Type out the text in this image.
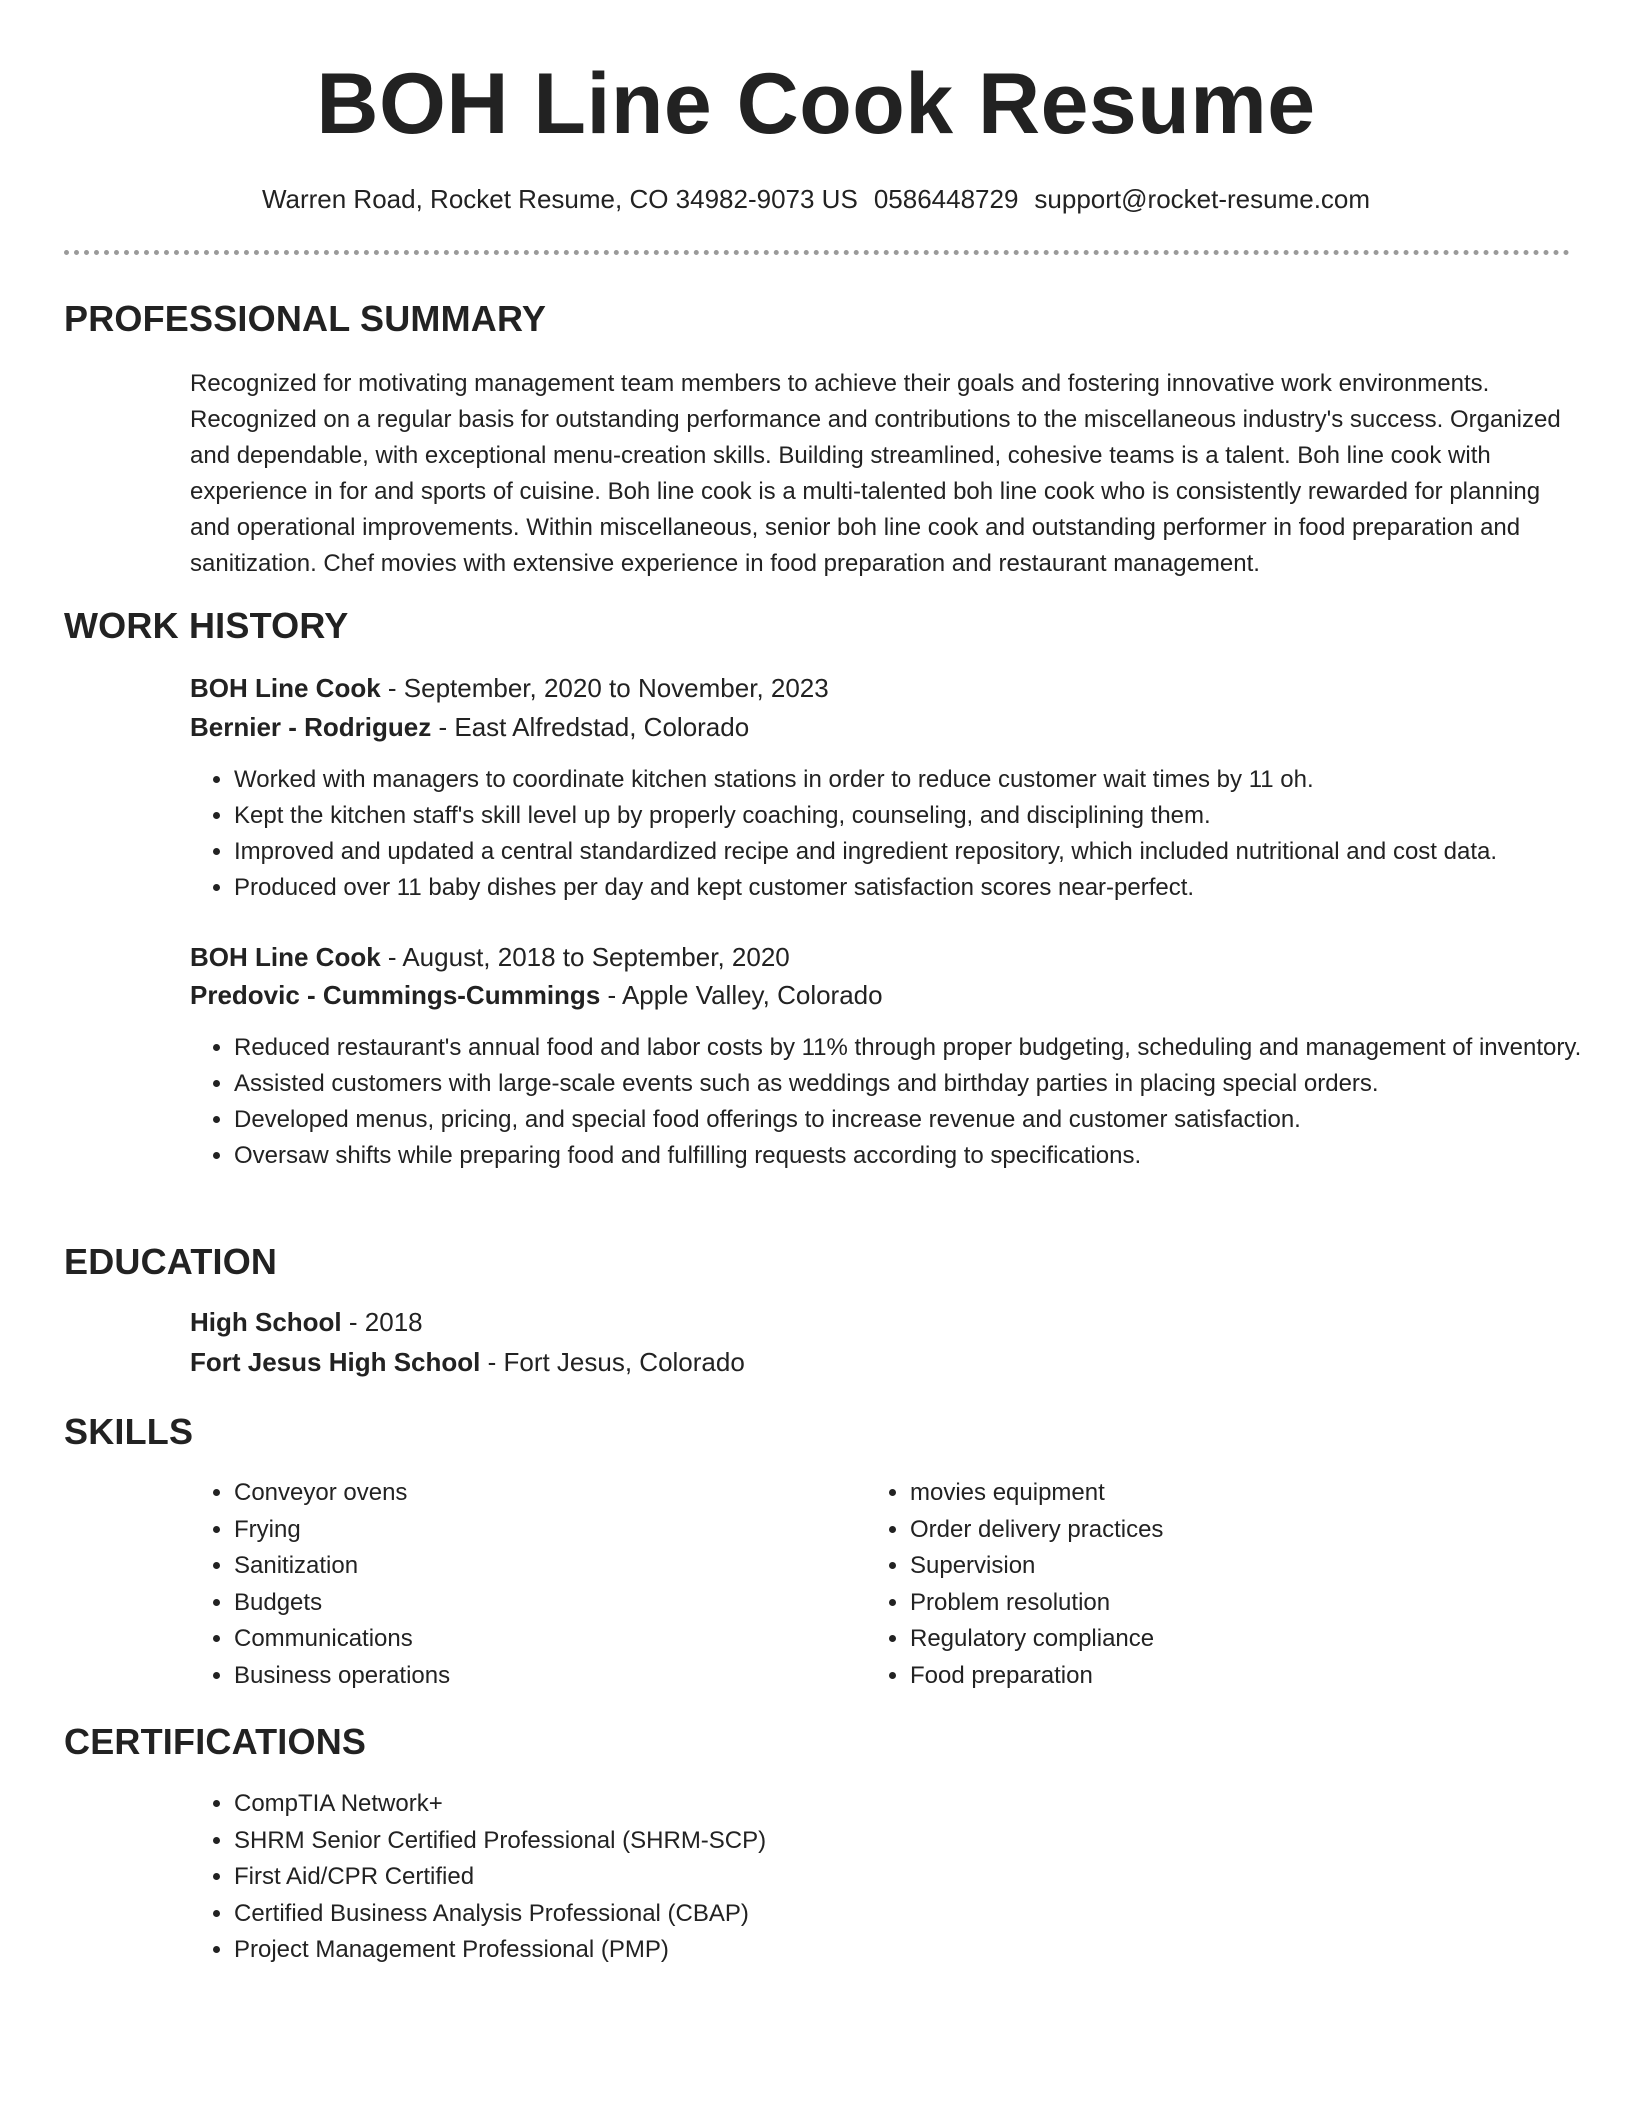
BOH Line Cook Resume
Warren Road, Rocket Resume, CO 34982-9073 US 0586448729 support@rocket-resume.com
PROFESSIONAL SUMMARY

Recognized for motivating management team members to achieve their goals and fostering innovative work environments. Recognized on a regular basis for outstanding performance and contributions to the miscellaneous industry's success. Organized and dependable, with exceptional menu-creation skills. Building streamlined, cohesive teams is a talent. Boh line cook with experience in for and sports of cuisine. Boh line cook is a multi-talented boh line cook who is consistently rewarded for planning and operational improvements. Within miscellaneous, senior boh line cook and outstanding performer in food preparation and sanitization. Chef movies with extensive experience in food preparation and restaurant management.

WORK HISTORY
BOH Line Cook - September, 2020 to November, 2023
Bernier - Rodriguez - East Alfredstad, Colorado
• Worked with managers to coordinate kitchen stations in order to reduce customer wait times by 11 oh.
• Kept the kitchen staff's skill level up by properly coaching, counseling, and disciplining them.
• Improved and updated a central standardized recipe and ingredient repository, which included nutritional and cost data.
• Produced over 11 baby dishes per day and kept customer satisfaction scores near-perfect.
BOH Line Cook - August, 2018 to September, 2020
Predovic - Cummings-Cummings - Apple Valley, Colorado
• Reduced restaurant's annual food and labor costs by 11% through proper budgeting, scheduling and management of inventory.
• Assisted customers with large-scale events such as weddings and birthday parties in placing special orders.
• Developed menus, pricing, and special food offerings to increase revenue and customer satisfaction.
• Oversaw shifts while preparing food and fulfilling requests according to specifications.
EDUCATION
High School - 2018
Fort Jesus High School - Fort Jesus, Colorado
SKILLS
• Conveyor ovens
• Frying
• Sanitization
• Budgets
• Communications
• Business operations
• movies equipment
• Order delivery practices
• Supervision
• Problem resolution
• Regulatory compliance
• Food preparation
CERTIFICATIONS
• CompTIA Network+
• SHRM Senior Certified Professional (SHRM-SCP)
• First Aid/CPR Certified
• Certified Business Analysis Professional (CBAP)
• Project Management Professional (PMP)
